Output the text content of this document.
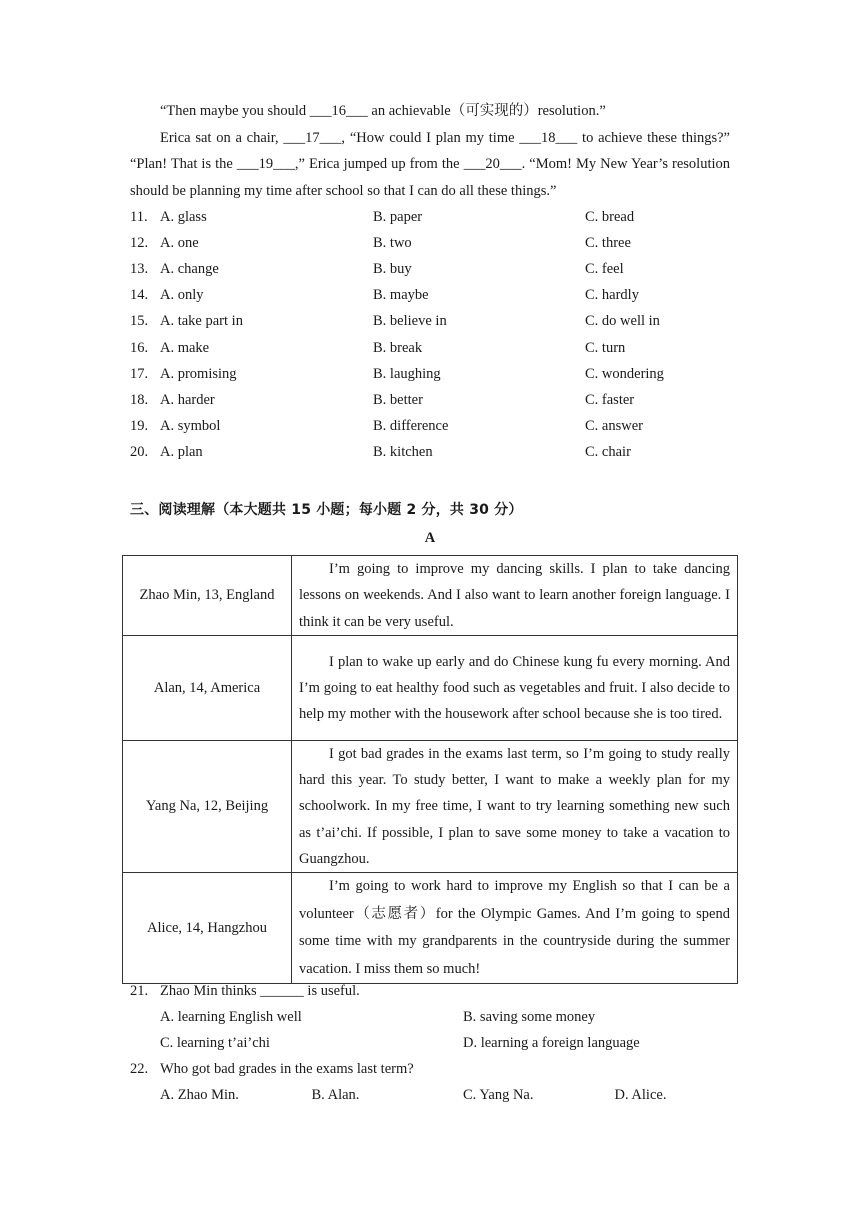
“Then maybe you should ___16___ an achievable（可实现的）resolution.”

Erica sat on a chair, ___17___, “How could I plan my time ___18___ to achieve these things?” “Plan! That is the ___19___,” Erica jumped up from the ___20___. “Mom! My New Year’s resolution should be planning my time after school so that I can do all these things.”

11. A. glass	B. paper	C. bread
12. A. one	B. two	C. three
13. A. change	B. buy	C. feel
14. A. only	B. maybe	C. hardly
15. A. take part in	B. believe in	C. do well in
16. A. make	B. break	C. turn
17. A. promising	B. laughing	C. wondering
18. A. harder	B. better	C. faster
19. A. symbol	B. difference	C. answer
20. A. plan	B. kitchen	C. chair
三、阅读理解（本大题共 15 小题；每小题 2 分，共 30 分）
A
Zhao Min, 13, England	I’m going to improve my dancing skills. I plan to take dancing lessons on weekends. And I also want to learn another foreign language. I think it can be very useful.

Alan, 14, America	I plan to wake up early and do Chinese kung fu every morning. And I’m going to eat healthy food such as vegetables and fruit. I also decide to help my mother with the housework after school because she is too tired.

Yang Na, 12, Beijing	I got bad grades in the exams last term, so I’m going to study really hard this year. To study better, I want to make a weekly plan for my schoolwork. In my free time, I want to try learning something new such as t’ai’chi. If possible, I plan to save some money to take a vacation to Guangzhou.

Alice, 14, Hangzhou	I’m going to work hard to improve my English so that I can be a volunteer（志愿者）for the Olympic Games. And I’m going to spend some time with my grandparents in the countryside during the summer vacation. I miss them so much!
21. Zhao Min thinks ______ is useful.
A. learning English well	B. saving some money
C. learning t’ai’chi	D. learning a foreign language
22. Who got bad grades in the exams last term?
A. Zhao Min.	B. Alan.	C. Yang Na.	D. Alice.
